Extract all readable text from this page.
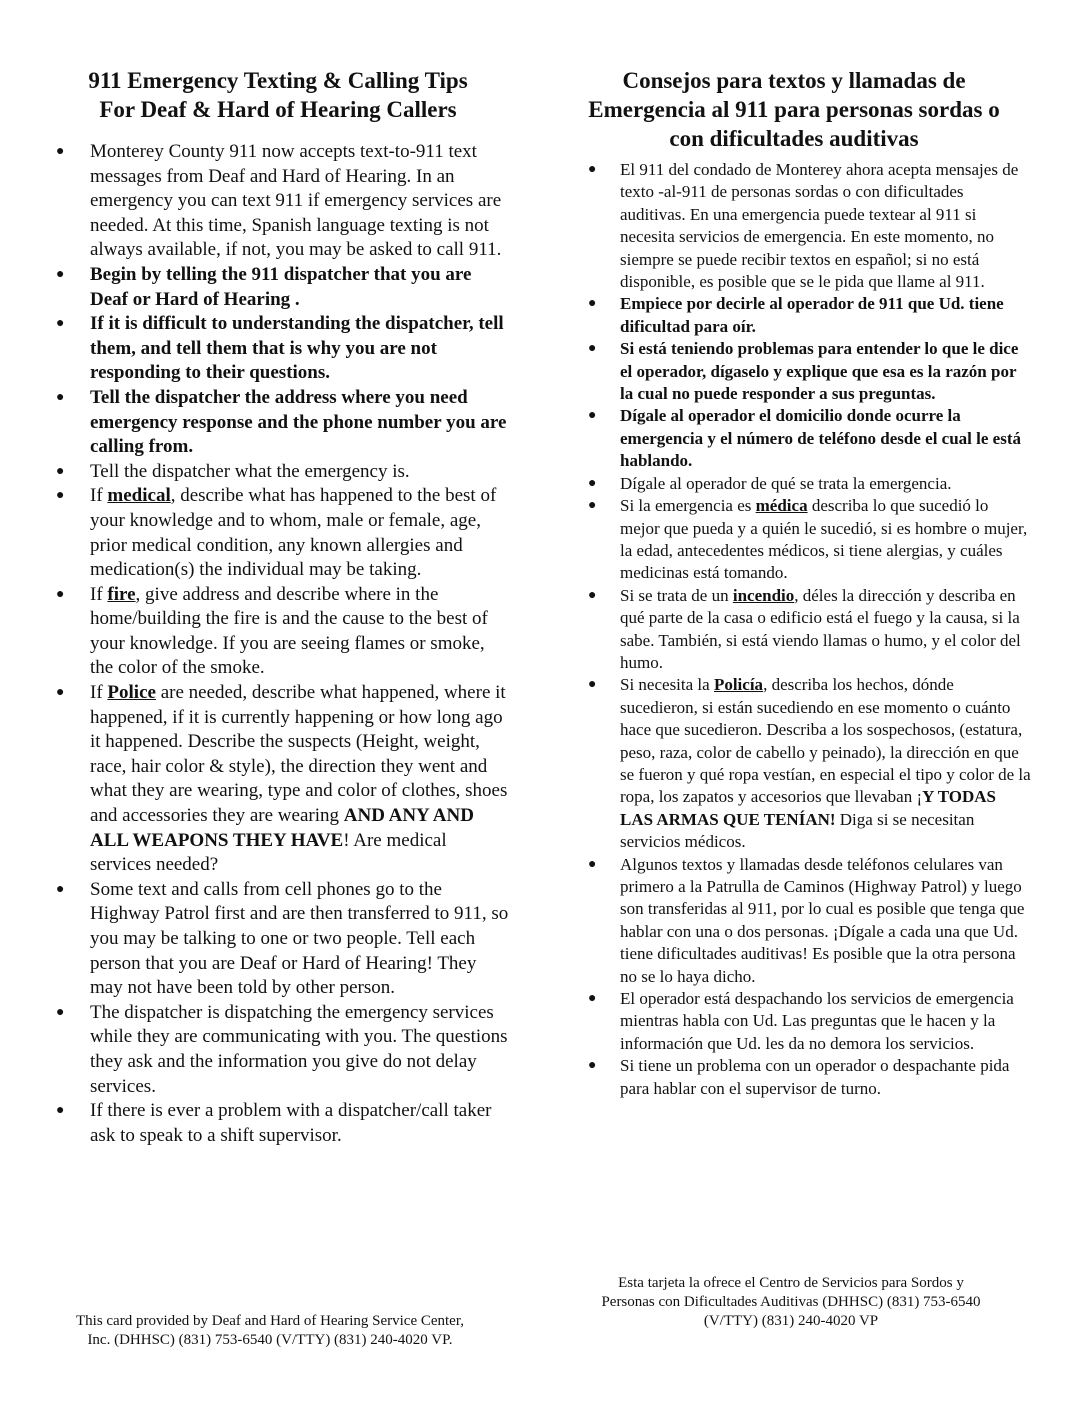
911 Emergency Texting & Calling Tips
For Deaf & Hard of Hearing Callers
● Monterey County 911 now accepts text-to-911 text messages from Deaf and Hard of Hearing. In an emergency you can text 911 if emergency services are needed. At this time, Spanish language texting is not always available, if not, you may be asked to call 911.
● Begin by telling the 911 dispatcher that you are Deaf or Hard of Hearing .
● If it is difficult to understanding the dispatcher, tell them, and tell them that is why you are not responding to their questions.
● Tell the dispatcher the address where you need emergency response and the phone number you are calling from.
● Tell the dispatcher what the emergency is.
● If medical, describe what has happened to the best of your knowledge and to whom, male or female, age, prior medical condition, any known allergies and medication(s) the individual may be taking.
● If fire, give address and describe where in the home/building the fire is and the cause to the best of your knowledge. If you are seeing flames or smoke, the color of the smoke.
● If Police are needed, describe what happened, where it happened, if it is currently happening or how long ago it happened. Describe the suspects (Height, weight, race, hair color & style), the direction they went and what they are wearing, type and color of clothes, shoes and accessories they are wearing AND ANY AND ALL WEAPONS THEY HAVE! Are medical services needed?
● Some text and calls from cell phones go to the Highway Patrol first and are then transferred to 911, so you may be talking to one or two people. Tell each person that you are Deaf or Hard of Hearing! They may not have been told by other person.
● The dispatcher is dispatching the emergency services while they are communicating with you. The questions they ask and the information you give do not delay services.
● If there is ever a problem with a dispatcher/call taker ask to speak to a shift supervisor.
This card provided by Deaf and Hard of Hearing Service Center,
Inc. (DHHSC) (831) 753-6540 (V/TTY) (831) 240-4020 VP.
Consejos para textos y llamadas de
Emergencia al 911 para personas sordas o
con dificultades auditivas
● El 911 del condado de Monterey ahora acepta mensajes de texto -al-911 de personas sordas o con dificultades auditivas. En una emergencia puede textear al 911 si necesita servicios de emergencia. En este momento, no siempre se puede recibir textos en español; si no está disponible, es posible que se le pida que llame al 911.
● Empiece por decirle al operador de 911 que Ud. tiene dificultad para oír.
● Si está teniendo problemas para entender lo que le dice el operador, dígaselo y explique que esa es la razón por la cual no puede responder a sus preguntas.
● Dígale al operador el domicilio donde ocurre la emergencia y el número de teléfono desde el cual le está hablando.
● Dígale al operador de qué se trata la emergencia.
● Si la emergencia es médica describa lo que sucedió lo mejor que pueda y a quién le sucedió, si es hombre o mujer, la edad, antecedentes médicos, si tiene alergias, y cuáles medicinas está tomando.
● Si se trata de un incendio, déles la dirección y describa en qué parte de la casa o edificio está el fuego y la causa, si la sabe. También, si está viendo llamas o humo, y el color del humo.
● Si necesita la Policía, describa los hechos, dónde sucedieron, si están sucediendo en ese momento o cuánto hace que sucedieron. Describa a los sospechosos, (estatura, peso, raza, color de cabello y peinado), la dirección en que se fueron y qué ropa vestían, en especial el tipo y color de la ropa, los zapatos y accesorios que llevaban ¡Y TODAS LAS ARMAS QUE TENÍAN! Diga si se necesitan servicios médicos.
● Algunos textos y llamadas desde teléfonos celulares van primero a la Patrulla de Caminos (Highway Patrol) y luego son transferidas al 911, por lo cual es posible que tenga que hablar con una o dos personas. ¡Dígale a cada una que Ud. tiene dificultades auditivas! Es posible que la otra persona no se lo haya dicho.
● El operador está despachando los servicios de emergencia mientras habla con Ud. Las preguntas que le hacen y la información que Ud. les da no demora los servicios.
● Si tiene un problema con un operador o despachante pida para hablar con el supervisor de turno.
Esta tarjeta la ofrece el Centro de Servicios para Sordos y
Personas con Dificultades Auditivas (DHHSC) (831) 753-6540
(V/TTY) (831) 240-4020 VP
